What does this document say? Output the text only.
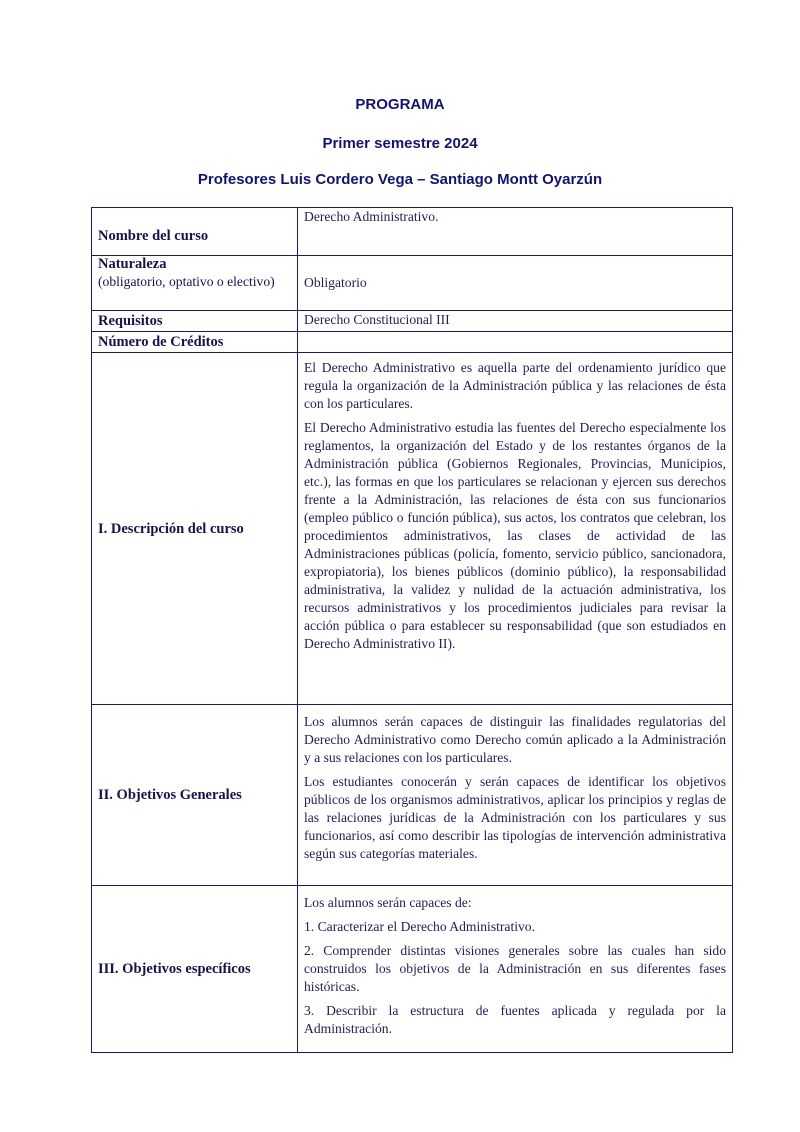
PROGRAMA
Primer semestre 2024
Profesores Luis Cordero Vega – Santiago Montt Oyarzún
Nombre del curso	Derecho Administrativo.

Naturaleza
(obligatorio, optativo o electivo)	Obligatorio
Requisitos	Derecho Constitucional III
Número de Créditos	
I. Descripción del curso	El Derecho Administrativo es aquella parte del ordenamiento jurídico que regula la organización de la Administración pública y las relaciones de ésta con los particulares.

El Derecho Administrativo estudia las fuentes del Derecho especialmente los reglamentos, la organización del Estado y de los restantes órganos de la Administración pública (Gobiernos Regionales, Provincias, Municipios, etc.), las formas en que los particulares se relacionan y ejercen sus derechos frente a la Administración, las relaciones de ésta con sus funcionarios (empleo público o función pública), sus actos, los contratos que celebran, los procedimientos administrativos, las clases de actividad de las Administraciones públicas (policía, fomento, servicio público, sancionadora, expropiatoria), los bienes públicos (dominio público), la responsabilidad administrativa, la validez y nulidad de la actuación administrativa, los recursos administrativos y los procedimientos judiciales para revisar la acción pública o para establecer su responsabilidad (que son estudiados en Derecho Administrativo II).

II. Objetivos Generales	Los alumnos serán capaces de distinguir las finalidades regulatorias del Derecho Administrativo como Derecho común aplicado a la Administración y a sus relaciones con los particulares.

Los estudiantes conocerán y serán capaces de identificar los objetivos públicos de los organismos administrativos, aplicar los principios y reglas de las relaciones jurídicas de la Administración con los particulares y sus funcionarios, así como describir las tipologías de intervención administrativa según sus categorías materiales.

III. Objetivos específicos	Los alumnos serán capaces de:

1. Caracterizar el Derecho Administrativo.

2. Comprender distintas visiones generales sobre las cuales han sido construidos los objetivos de la Administración en sus diferentes fases históricas.

3. Describir la estructura de fuentes aplicada y regulada por la Administración.
